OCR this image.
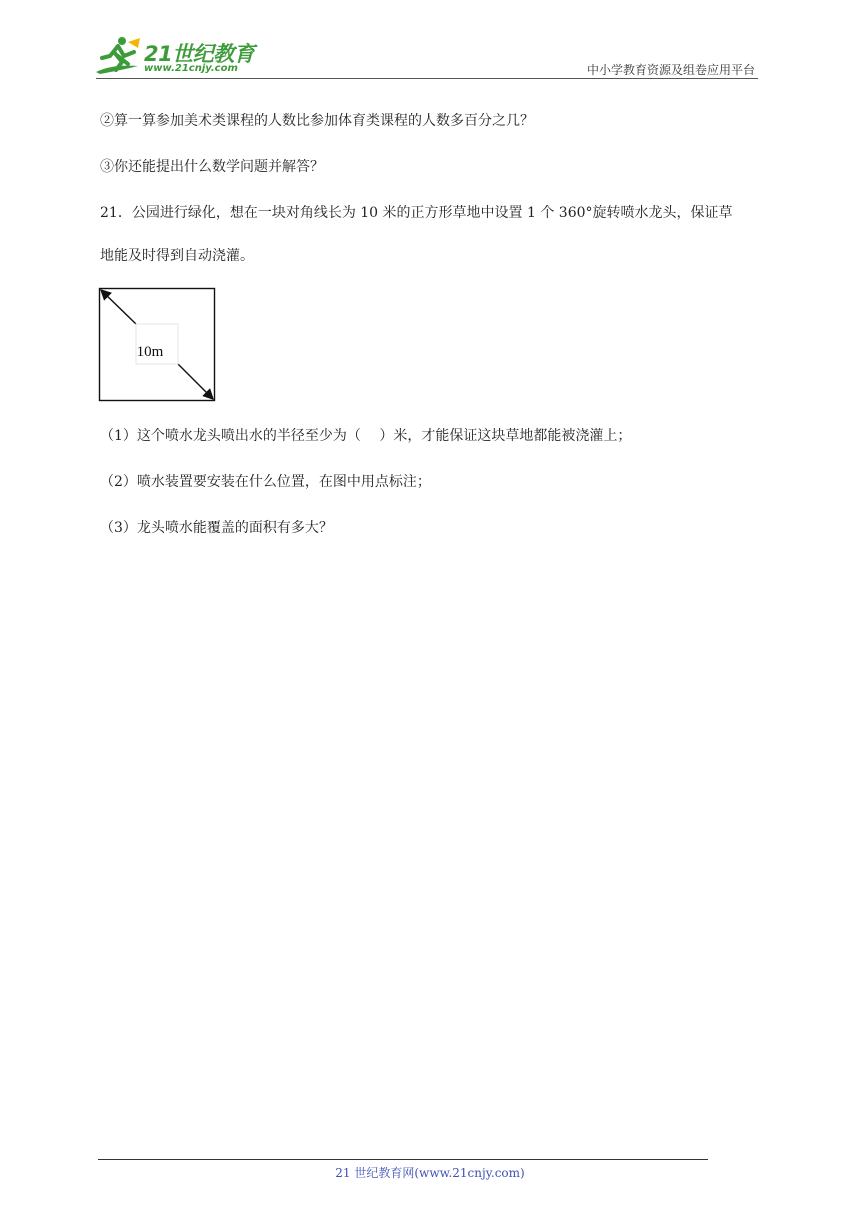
21世纪教育
www.21cnjy.com	中小学教育资源及组卷应用平台
②算一算参加美术类课程的人数比参加体育类课程的人数多百分之几？
③你还能提出什么数学问题并解答？
21．公园进行绿化，想在一块对角线长为 10 米的正方形草地中设置 1 个 360°旋转喷水龙头，保证草
地能及时得到自动浇灌。
10m
（1）这个喷水龙头喷出水的半径至少为（　 ）米，才能保证这块草地都能被浇灌上；
（2）喷水装置要安装在什么位置，在图中用点标注；
（3）龙头喷水能覆盖的面积有多大？
21 世纪教育网(www.21cnjy.com)
